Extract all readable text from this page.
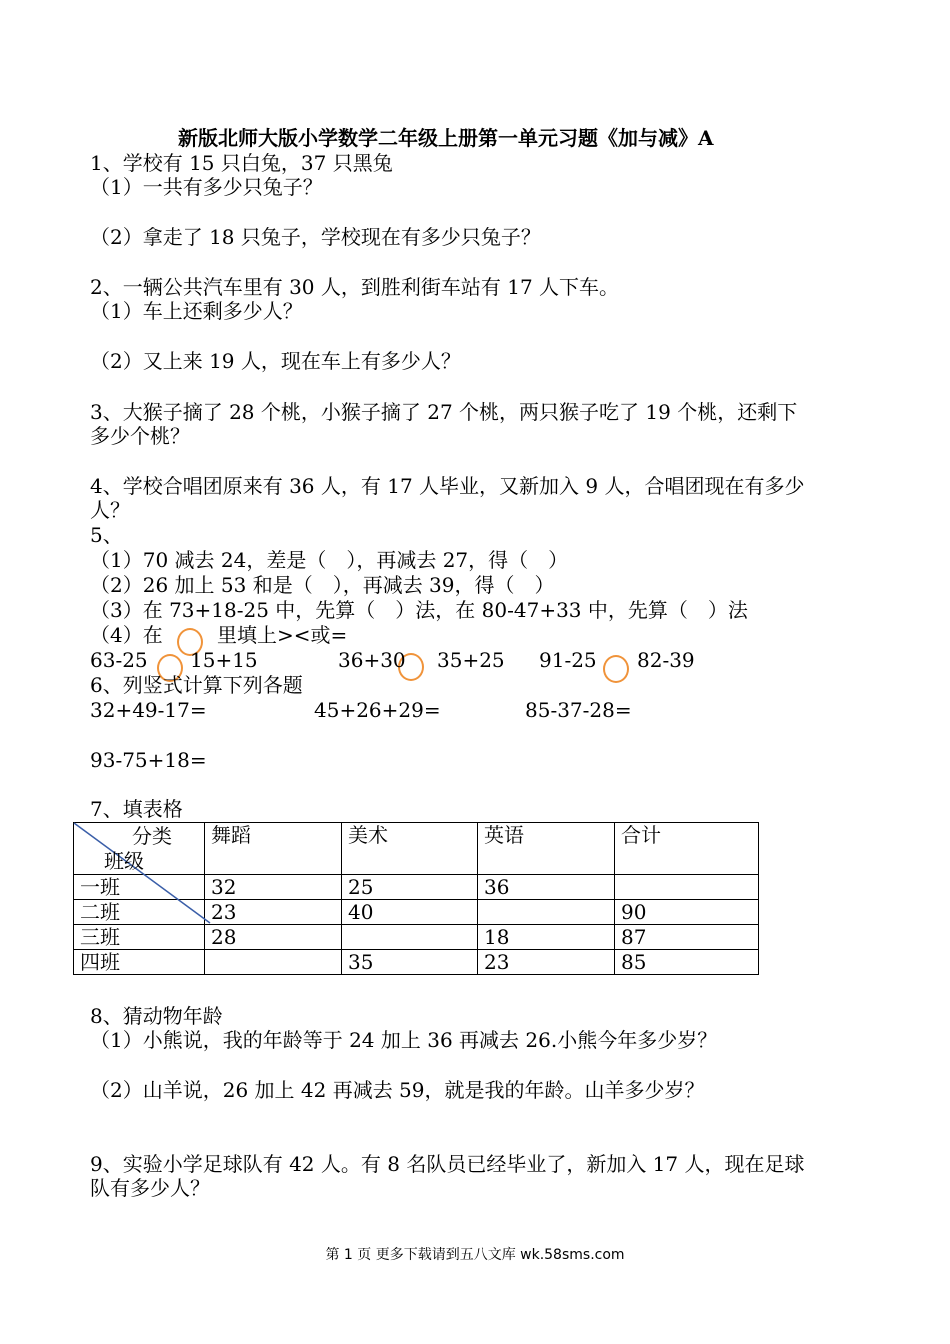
新版北师大版小学数学二年级上册第一单元习题《加与减》A
1、学校有 15 只白兔，37 只黑兔
（1）一共有多少只兔子？
（2）拿走了 18 只兔子，学校现在有多少只兔子？
2、一辆公共汽车里有 30 人，到胜利街车站有 17 人下车。
（1）车上还剩多少人？
（2）又上来 19 人，现在车上有多少人？
3、大猴子摘了 28 个桃，小猴子摘了 27 个桃，两只猴子吃了 19 个桃，还剩下
多少个桃？
4、学校合唱团原来有 36 人，有 17 人毕业，又新加入 9 人，合唱团现在有多少
人？
5、
（1）70 减去 24，差是（　），再减去 27，得（　）
（2）26 加上 53 和是（　），再减去 39，得（　）
（3）在 73+18-25 中，先算（　）法，在 80-47+33 中，先算（　）法
（4）在	里填上><或=
63-25 15+15	36+30 35+25 91-25 82-39
6、列竖式计算下列各题
32+49-17=	45+26+29=	85-37-28=
93-75+18=
7、填表格
分类
班级	舞蹈	美术	英语	合计
一班	32	25	36	
二班	23	40		90
三班	28		18	87
四班		35	23	85
8、猜动物年龄
（1）小熊说，我的年龄等于 24 加上 36 再减去 26.小熊今年多少岁？
（2）山羊说，26 加上 42 再减去 59，就是我的年龄。山羊多少岁？
9、实验小学足球队有 42 人。有 8 名队员已经毕业了，新加入 17 人，现在足球
队有多少人？
第 1 页 更多下载请到五八文库 wk.58sms.com
